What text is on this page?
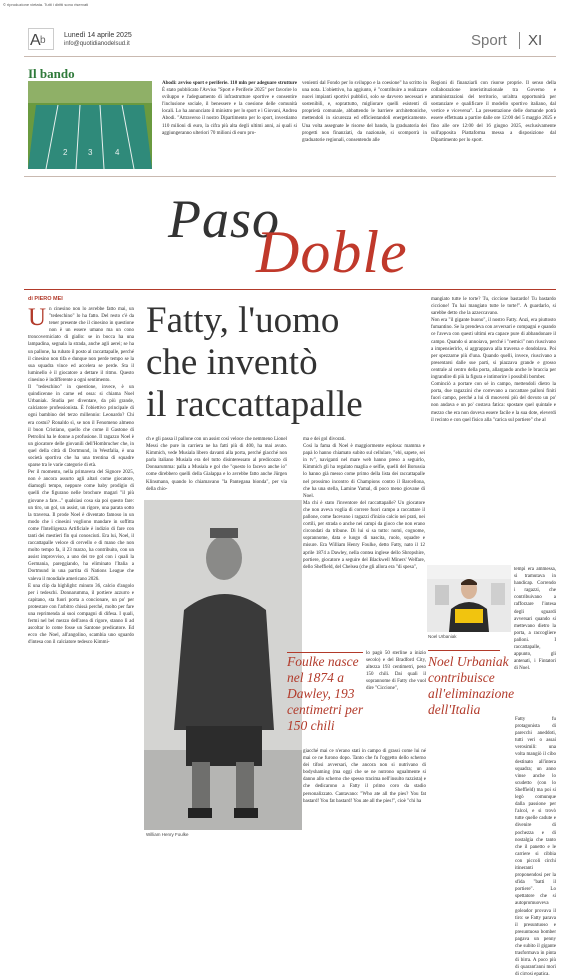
© riproduzione vietata. Tutti i diritti sono riservati
A b	Lunedì 14 aprile 2025
info@quotidianodelsud.it	Sport XI
Il bando
2	3	4
Abodi: avviso sport e periferie. 110 mln per adeguare strutture È stato pubblicato l'Avviso "Sport e Periferie 2025" per favorire lo sviluppo e l'adeguamento di infrastrutture sportive e consentire l'inclusione sociale, il benessere e la coesione delle comunità locali. Lo ha annunciato il ministro per lo sport e i Giovani, Andrea Abodi. "Attraverso il nostro Dipartimento per lo sport, investiamo 110 milioni di euro, la cifra più alta degli ultimi anni, ai quali si aggiungeranno ulteriori 70 milioni di euro pro-
venienti dal Fondo per lo sviluppo e la coesione" ha scritto in una nota. L'obiettivo, ha aggiunto, è "contribuire a realizzare nuovi impianti sportivi pubblici, solo se davvero necessari e sostenibili, e, soprattutto, migliorare quelli esistenti di proprietà comunale, abbattendo le barriere architettoniche, mettendoli in sicurezza ed efficientandoli energeticamente. Una volta assegnate le risorse del bando, la graduatoria dei progetti non finanziati, da nazionale, si scomporrà in graduatorie regionali, consentendo alle
Regioni di finanziarli con risorse proprie. Il senso della collaborazione interistituzionale tra Governo e amministrazioni del territorio, un'altra opportunità per sostanziare e qualificare il modello sportivo italiano, dal vertice e viceversa". La presentazione delle domande potrà essere effettuata a partire dalle ore 12:00 del 5 maggio 2025 e fino alle ore 12:00 del 16 giugno 2025, esclusivamente sull'apposita Piattaforma messa a disposizione dal Dipartimento per lo sport.
Paso
Doble
di PIERO MEI
Fatty, l'uomo
che inventò
il raccattapalle
U n cinesino non lo avrebbe fatto mai, un "tedeschino" lo ha fatto. Del resto c'è da tener presente che il cinesino in questione non è un essere umano ma un cono troncoverniciato di giallo: se in bocca ha una lampadina, segnala la strada, anche agli aerei; se ha un pallone, ha rubato il posto al raccattapalle, perché il cinesino non tifa e dunque non perde tempo se la sua squadra vince ed accelera se perde. Sta il luminello è il giocatore a dettare il ritmo. Questo cinesino è indifferente a ogni sentimento.
Il "tedeschino" in questione, invece, è un quindicenne in carne ed ossa: si chiama Noel Urbaniak. Studia per diventare, da più grande, calciatore professionista. È l'obiettivo principale di ogni bambino del terzo millennio: Leonardo? Chi era costui? Ronaldo sì, se non il Fenomeno almeno il buon Cristiano, quello che come il Gastone di Petrolini ha le donne a profusione. Il ragazzo Noel è un giocatore delle giovanili dell'Hombrucher che, in quel della città di Dortmund, in Westfalia, è una società sportiva che ha una trentina di squadre sparse tra le varie categorie di età.
Per il momento, nella primavera del Signore 2025, non è ancora assurto agli altari come giocatore, diamogli tempo, neppure come baby prodigio di quelli che figurano nelle brochure magari "il più giovane a fare..." qualsiasi cosa sia poi questo fare: un tiro, un gol, un assist, un rigore, una parata sotto la traversa. Il prode Noel è diventato famoso in un modo che i cinesini vogliono mandare in soffitta come l'Intelligenza Artificiale è indizio di fare con tanti dei mestieri fin qui conosciuti. Era lui, Noel, il raccattapalle veloce di cervello e di mano che non molto tempo fa, il 23 marzo, ha contribuito, con un assist improvviso, a uno dei tre gol con i quali la Germania, pareggiando, ha eliminato l'Italia a Dortmund in una partita di Nations League che valeva il mondiale americano 2026.
E una clip da highlight: minuto 36, calcio d'angolo per i tedeschi. Donnarumma, il portiere azzurro e capitano, sta fuori porta a concionare, un po' per protestare con l'arbitro chissà perché, molto per fare una reprimenda ai suoi compagni di difesa. I quali, fermi nel bel mezzo dell'area di rigore, stanno lì ad ascoltar lo come fosse un Santone predicatore. Ed ecco che Noel, all'angolino, scambia uno sguardo d'intesa con il calciatore tedesco Kimmi-
ch e gli passa il pallone con un assist così veloce che nemmeno Lionel Messi che pure in carriera ne ha fatti più di 400, ha mai avuto. Kimmich, vede Musiala libero davanti alla porta, perché giacché non parla italiano Musiala era del tutto disinteressato al predicozzo di Donnarumma: palla a Musiala e gol che "questo lo facevo anche io" come direbbero quelli della Gialappa e lo avrebbe fatto anche Jürgen Klinsmann, quando lo chiamavano "la Pantegana bionda", per via della chio-
William Henry Foulke
ma e dei gol divorati.
Così la fama di Noel è maggiormente esplosa: mamma e papà lo hanno chiamato subito sul cellulare, "ehi, sapete, sei in tv", naviganti nel mare web hanno preso a seguirlo, Kimmich gli ha regalato maglia e selfie, quelli del Borussia lo hanno già messo come primo della lista dei raccattapalle nel prossimo incontro di Champions contro il Barcellona, che ha una stella, Lamine Yamal, di poco meno giovane di Noel.
Ma chi è stato l'inventore del raccattapalle? Un giocatore che non aveva voglia di correre fuori campo a raccattare il pallone, come facevano i ragazzi d'inizio calcio nei prati, nei cortili, per strada o anche nei campi da gioco che non erano circondati da tribune. Di lui si sa tutto: nomi, cognome, soprannome, data e luogo di nascita, ruolo, squadre e misure. Era William Henry Foulke, detto Fatty, nato il 12 aprile 1874 a Dawley, nella contea inglese dello Shropshire, portiere, giocatore a seguire del Blackwell Miners' Welfare, dello Sheffield, del Chelsea (che gli allora era "di spesa",
Foulke nasce nel 1874 a Dawley, 193 centimetri per 150 chili
lo pagò 50 sterline a inizio secolo) e del Bradford City, altezza 193 centimetri, peso 150 chili. Dai quali il soprannome di Fatty che vuol dire "Ciccione",
giacché mai ce n'erano stati in campo di grassi come lui né mai ce ne furono dopo. Tanto che fu l'oggetto dello scherno dei tifosi avversari, che ancora non si nutrivano di bodyshaming (ma oggi che se ne nutrono ugualmente si danno allo scherno che spesso tracima nell'insulto razzista) e che dedicarono a Fatty il primo coro da stadio personalizzato. Cantavano: "Who ate all the pies? You fat bastard! You fat bastard! You ate all the pies!", cioè "chi ha
Noel Urbaniak
Noel Urbaniak contribuisce all'eliminazione dell'Italia
mangiato tutte le torte? Tu, ciccione bastardo! Tu bastardo ciccione! Tu hai mangiato tutte le torte!". A guardarlo, si sarebbe detto che la azzeccavano.
Non era "il gigante buono", il nostro Fatty. Anzi, era piuttosto fumantino. Se la prendeva con avversari e compagni e quando ce l'aveva con questi ultimi era capace pure di abbandonare il campo. Quando si annoiava, perché i "nemici" non riuscivano a impensierirlo, si aggrappava alla traversa e dondolava. Poi per spezzarne più d'una. Quando quelli, invece, riuscivano a presentarsi dalle sue parti, si piazzava grande e grosso centrale al centro della porta, allargando anche le braccia per ingrandire di più la figura e intimorire i possibili bomber.
Cominciò a portare con sé in campo, mettendoli dietro la porta, due ragazzini che correvano a raccattare palloni finiti fuori campo, perché a lui di muoversi più del dovuto un po' non andava e un po' costava fatica: spostare quel quintale e mezzo che era non doveva essere facile e la sua dote, eleverdi il recinto e con quel fisico alla "carica sul portiere" che al
tempi era ammessa, si tramutava in handicap. Correndo i ragazzi, che contribuivano a rafforzare l'intesa degli sguardi avversari quando si mettevano dietro la porta, a raccogliere palloni. I raccattapalle, appunto, gli antenati, i Fintatori di Noel.
Fatty fu protagonista di parecchi aneddoti, tutti veri o assai verosimili: una volta mangiò il cibo destinato all'intera squadra; un anno vinse anche lo scudetto (con lo Sheffield) ma poi si legò comunque dalla passione per l'alcol, e si trovò tutte quelle cadute e divenire di pochezza e di nostalgia che tanto che il panetto e le carriere si cibbia con piccoli circhi itineranti proponendosi per la sfida "batti il portiere". Lo spettatore che si autopromuoveva goleador provava il tiro: se Fatty parava il presuntuoso e presuntuoso bomber pagava un penny che subito il gigante trasformava in pinta di birra. A poco più di quarant'anni morì di cirrosi epatica.
